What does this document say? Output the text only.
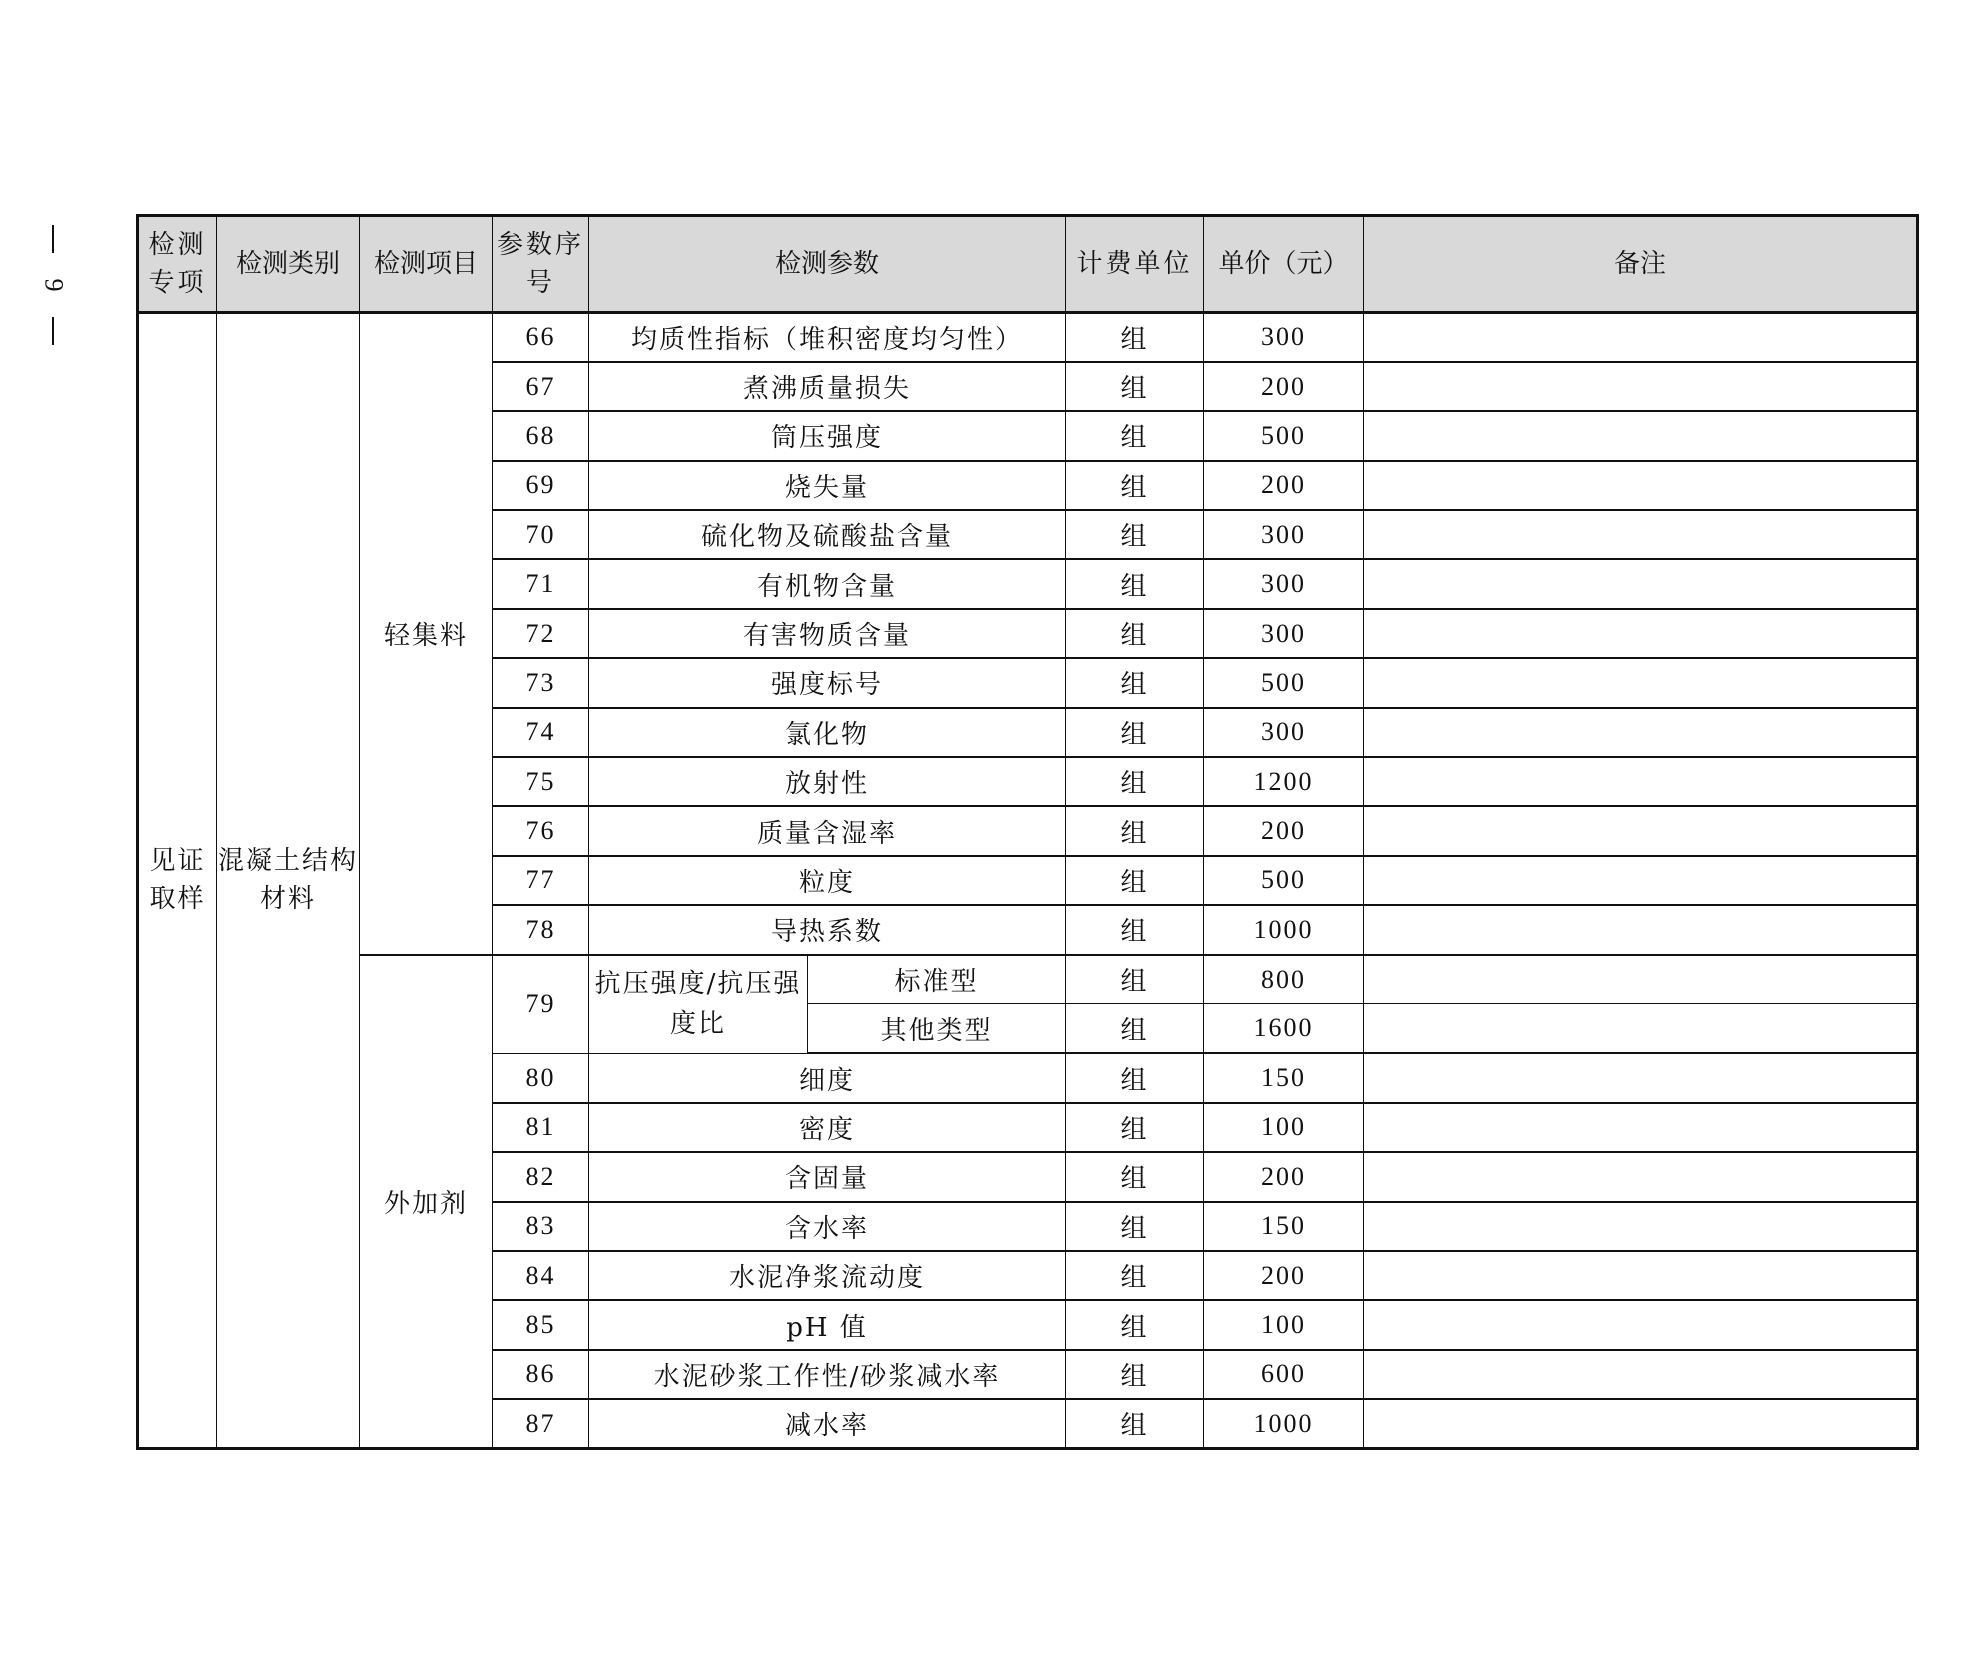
9
检测专项	检测类别	检测项目	参数序号	检测参数		计费单位	单价（元）	备注
见证取样	混凝土结构材料	轻集料	66	均质性指标（堆积密度均匀性）		组	300	
			67	煮沸质量损失		组	200	
			68	筒压强度		组	500	
			69	烧失量		组	200	
			70	硫化物及硫酸盐含量		组	300	
			71	有机物含量		组	300	
			72	有害物质含量		组	300	
			73	强度标号		组	500	
			74	氯化物		组	300	
			75	放射性		组	1200	
			76	质量含湿率		组	200	
			77	粒度		组	500	
			78	导热系数		组	1000	
		外加剂	79	抗压强度/抗压强度比	标准型	组	800	
					其他类型	组	1600	
			80	细度		组	150	
			81	密度		组	100	
			82	含固量		组	200	
			83	含水率		组	150	
			84	水泥净浆流动度		组	200	
			85	pH 值		组	100	
			86	水泥砂浆工作性/砂浆减水率		组	600	
			87	减水率		组	1000	
